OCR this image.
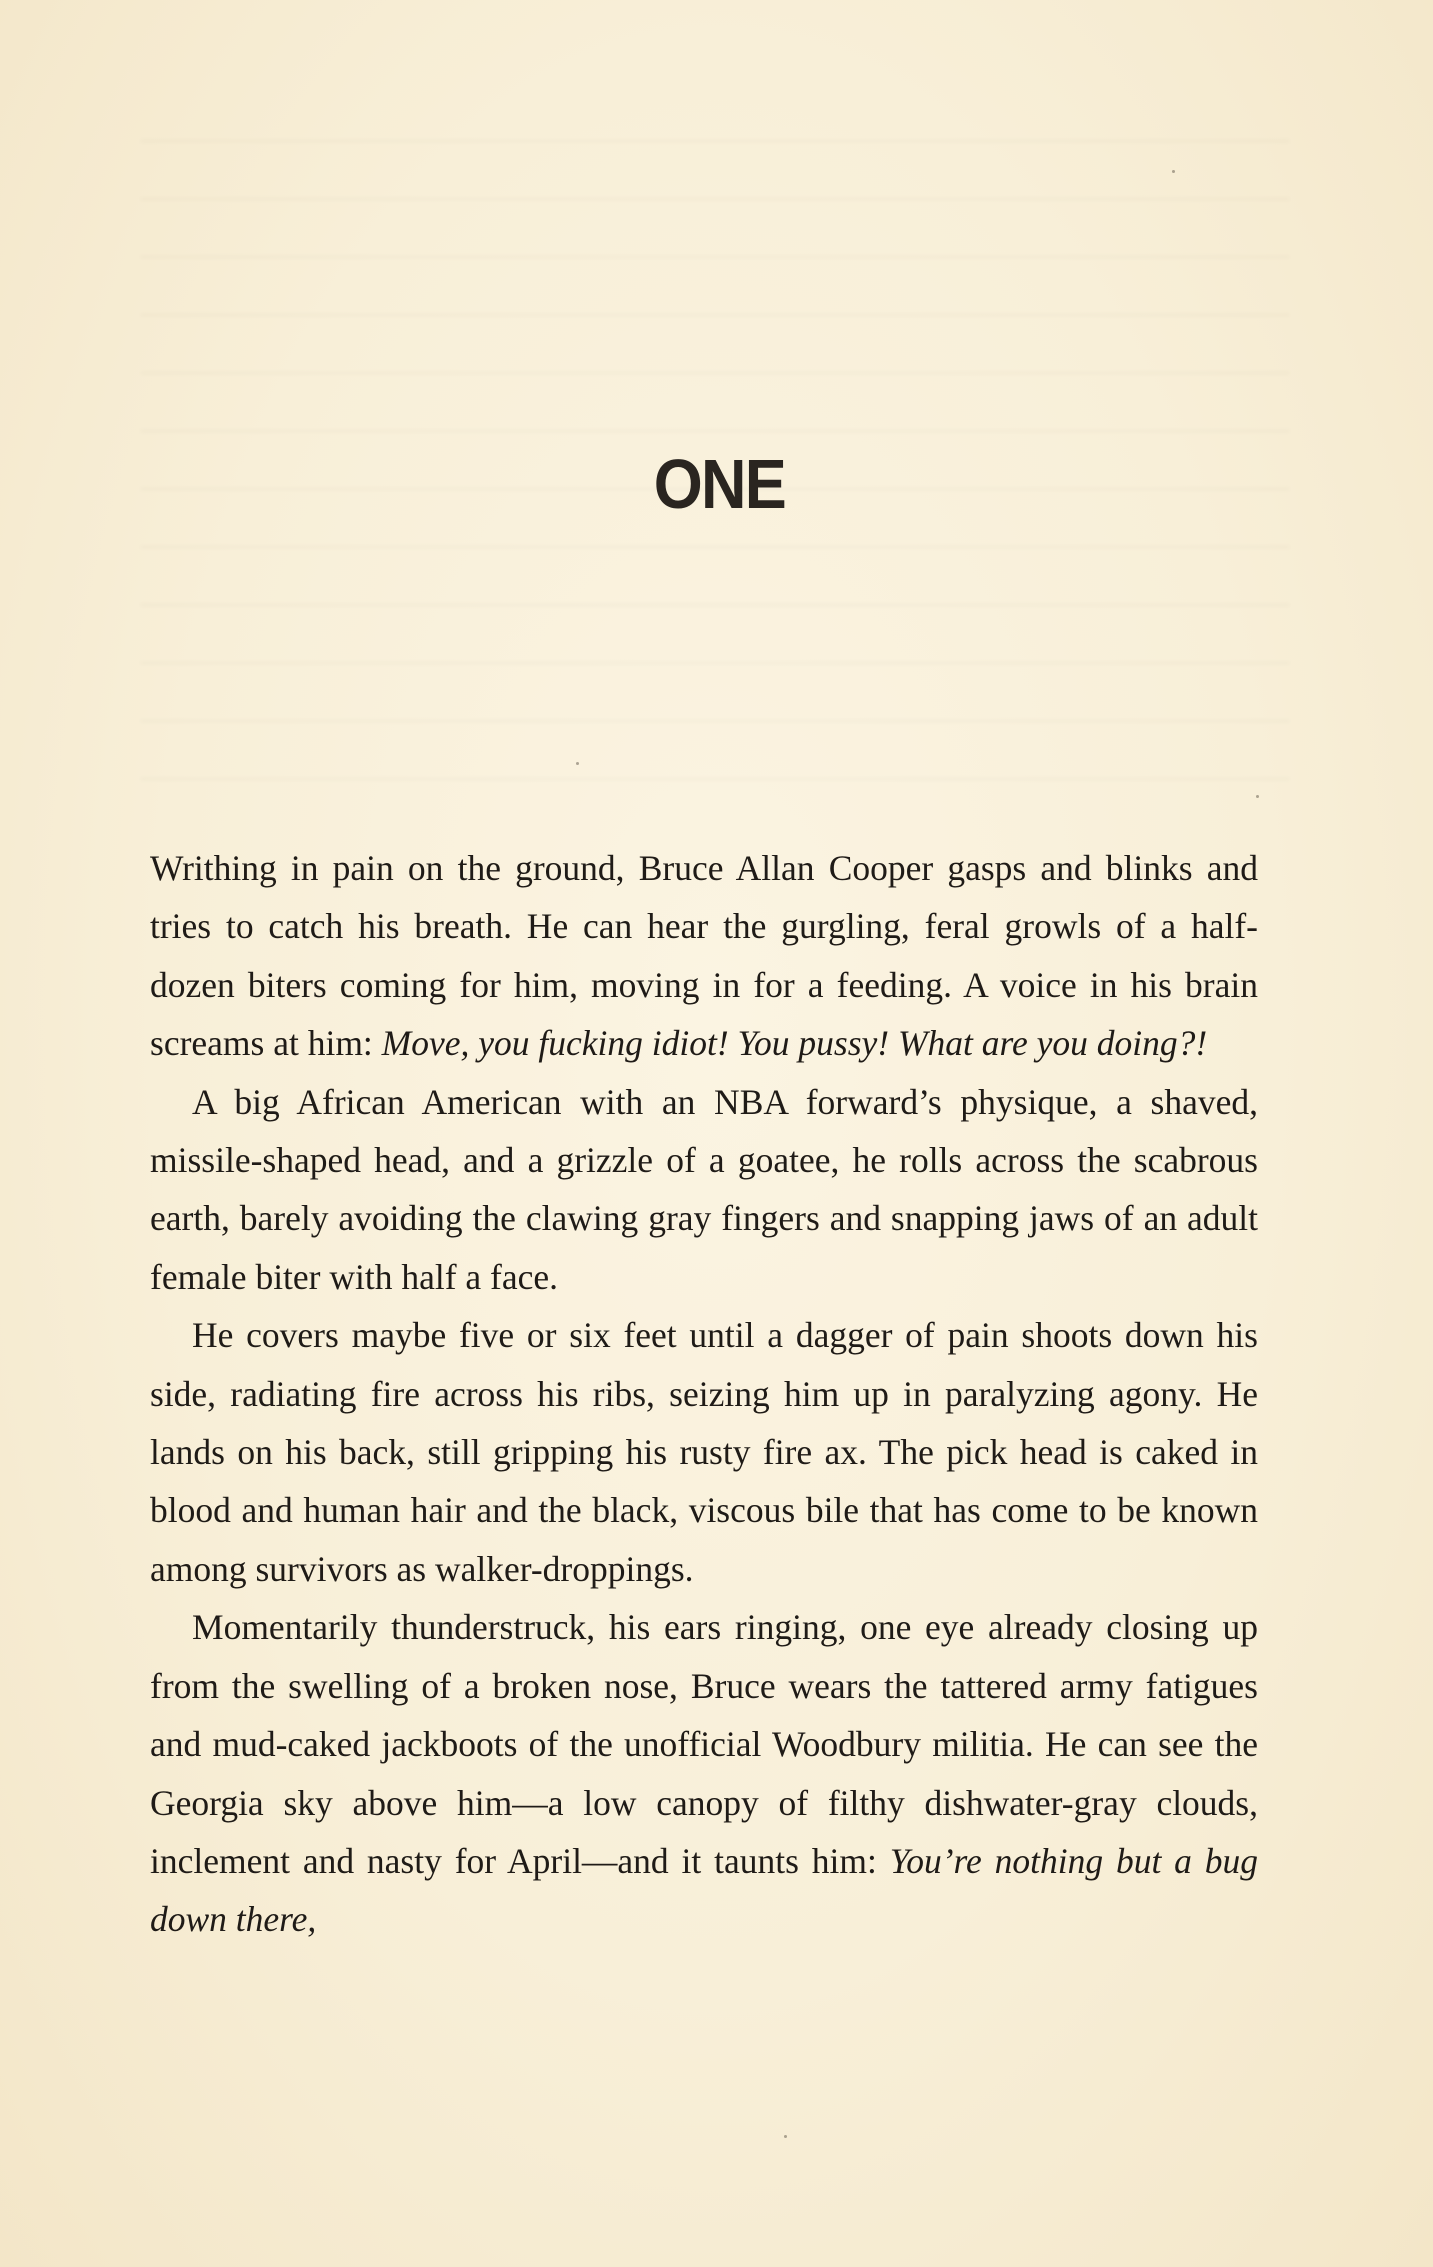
ONE

Writhing in pain on the ground, Bruce Allan Cooper gasps and blinks and tries to catch his breath. He can hear the gurgling, feral growls of a half-dozen biters coming for him, moving in for a feeding. A voice in his brain screams at him: Move, you fucking idiot! You pussy! What are you doing?!

A big African American with an NBA forward’s physique, a shaved, missile-shaped head, and a grizzle of a goatee, he rolls across the scabrous earth, barely avoiding the clawing gray fingers and snapping jaws of an adult female biter with half a face.

He covers maybe five or six feet until a dagger of pain shoots down his side, radiating fire across his ribs, seizing him up in paralyzing agony. He lands on his back, still gripping his rusty fire ax. The pick head is caked in blood and human hair and the black, viscous bile that has come to be known among survivors as walker-droppings.

Momentarily thunderstruck, his ears ringing, one eye already closing up from the swelling of a broken nose, Bruce wears the tattered army fatigues and mud-caked jackboots of the unofficial Woodbury militia. He can see the Georgia sky above him—a low canopy of filthy dishwater-gray clouds, inclement and nasty for April—and it taunts him: You’re nothing but a bug down there,
